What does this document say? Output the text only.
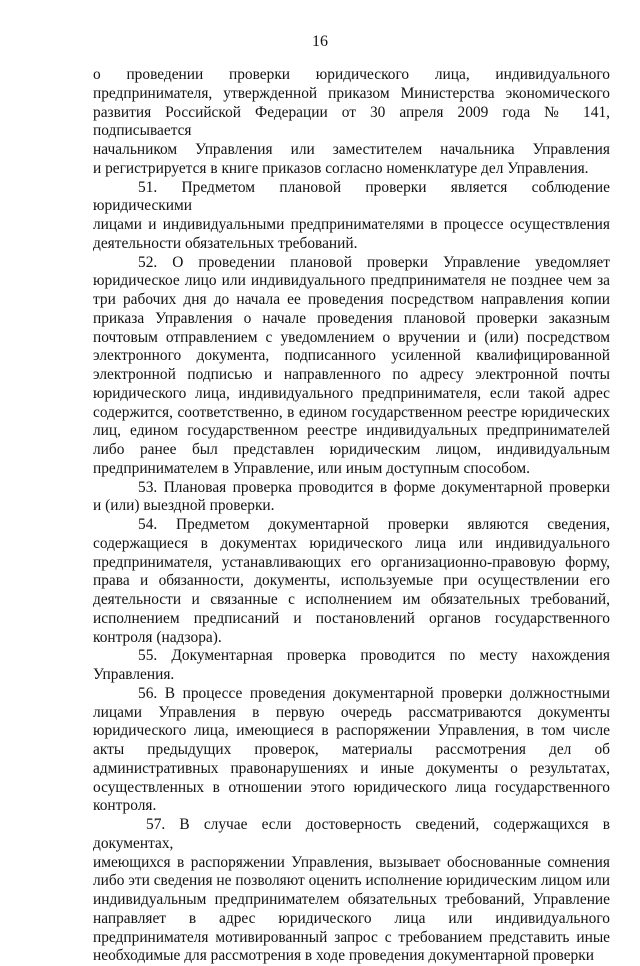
16

о проведении проверки юридического лица, индивидуального
предпринимателя, утвержденной приказом Министерства экономического
развития Российской Федерации от 30 апреля 2009 года № 141, подписывается
начальником Управления или заместителем начальника Управления
и регистрируется в книге приказов согласно номенклатуре дел Управления.

51. Предметом плановой проверки является соблюдение юридическими
лицами и индивидуальными предпринимателями в процессе осуществления
деятельности обязательных требований.

52. О проведении плановой проверки Управление уведомляет
юридическое лицо или индивидуального предпринимателя не позднее чем за
три рабочих дня до начала ее проведения посредством направления копии
приказа Управления о начале проведения плановой проверки заказным
почтовым отправлением с уведомлением о вручении и (или) посредством
электронного документа, подписанного усиленной квалифицированной
электронной подписью и направленного по адресу электронной почты
юридического лица, индивидуального предпринимателя, если такой адрес
содержится, соответственно, в едином государственном реестре юридических
лиц, едином государственном реестре индивидуальных предпринимателей
либо ранее был представлен юридическим лицом, индивидуальным
предпринимателем в Управление, или иным доступным способом.

53. Плановая проверка проводится в форме документарной проверки
и (или) выездной проверки.

54. Предметом документарной проверки являются сведения,
содержащиеся в документах юридического лица или индивидуального
предпринимателя, устанавливающих его организационно-правовую форму,
права и обязанности, документы, используемые при осуществлении его
деятельности и связанные с исполнением им обязательных требований,
исполнением предписаний и постановлений органов государственного
контроля (надзора).

55. Документарная проверка проводится по месту нахождения
Управления.

56. В процессе проведения документарной проверки должностными
лицами Управления в первую очередь рассматриваются документы
юридического лица, имеющиеся в распоряжении Управления, в том числе
акты предыдущих проверок, материалы рассмотрения дел об
административных правонарушениях и иные документы о результатах,
осуществленных в отношении этого юридического лица государственного
контроля.

57. В случае если достоверность сведений, содержащихся в документах,
имеющихся в распоряжении Управления, вызывает обоснованные сомнения
либо эти сведения не позволяют оценить исполнение юридическим лицом или
индивидуальным предпринимателем обязательных требований, Управление
направляет в адрес юридического лица или индивидуального
предпринимателя мотивированный запрос с требованием представить иные
необходимые для рассмотрения в ходе проведения документарной проверки
